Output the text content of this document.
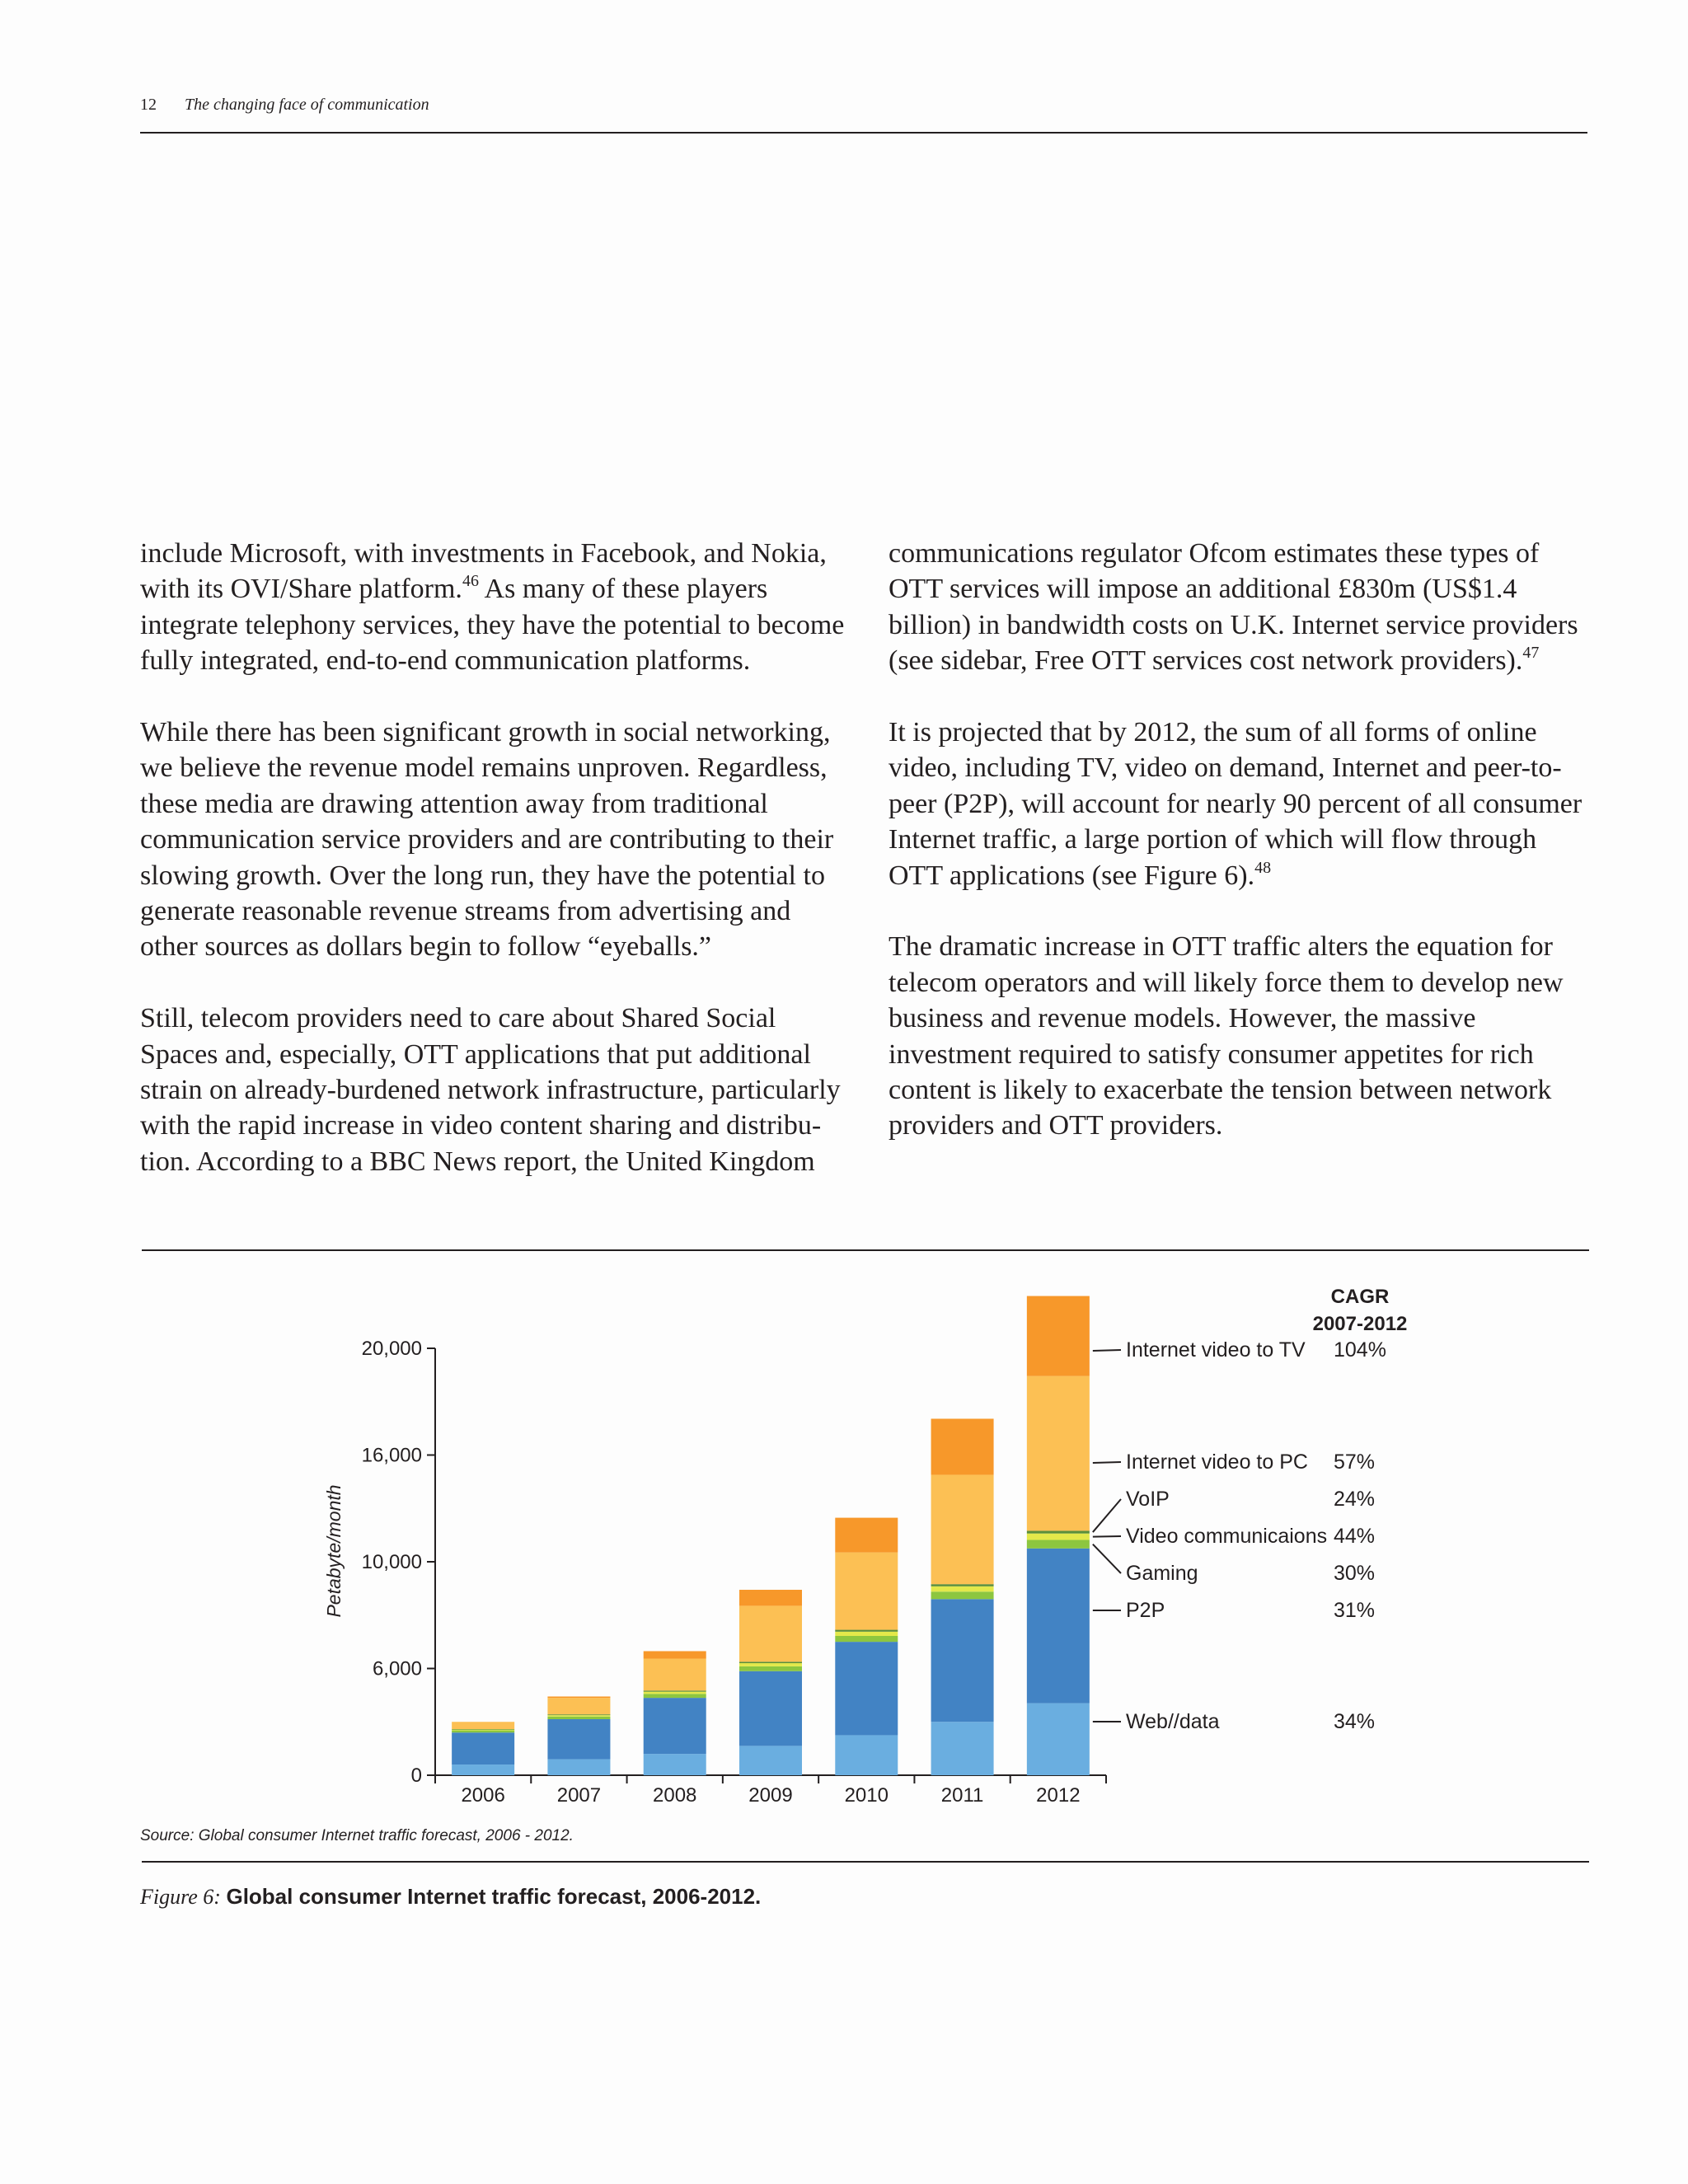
12 The changing face of communication

include Microsoft, with investments in Facebook, and Nokia, with its OVI/Share platform.$^{46}$ As many of these players integrate telephony services, they have the potential to become fully integrated, end-to-end communication platforms.

While there has been significant growth in social networking, we believe the revenue model remains unproven. Regardless, these media are drawing attention away from traditional communication service providers and are contributing to their slowing growth. Over the long run, they have the potential to generate reasonable revenue streams from advertising and other sources as dollars begin to follow “eyeballs.”

Still, telecom providers need to care about Shared Social Spaces and, especially, OTT applications that put additional strain on already-burdened network infrastructure, particularly with the rapid increase in video content sharing and distribution. According to a BBC News report, the United Kingdom

communications regulator Ofcom estimates these types of OTT services will impose an additional £830m (US$1.4 billion) in bandwidth costs on U.K. Internet service providers (see sidebar, Free OTT services cost network providers).$^{47}$

It is projected that by 2012, the sum of all forms of online video, including TV, video on demand, Internet and peer-to-peer (P2P), will account for nearly 90 percent of all consumer Internet traffic, a large portion of which will flow through OTT applications (see Figure 6).$^{48}$

The dramatic increase in OTT traffic alters the equation for telecom operators and will likely force them to develop new business and revenue models. However, the massive investment required to satisfy consumer appetites for rich content is likely to exacerbate the tension between network providers and OTT providers.

0
6,000
10,000
16,000
20,000
Petabyte/month
2006	2007	2008	2009	2010	2011	2012
CAGR
2007-2012
Internet video to TV 104%
Internet video to PC 57%
VoIP	24%
Video communicaions 44%
Gaming	30%
P2P	31%
Web//data	34%
Source: Global consumer Internet traffic forecast, 2006 - 2012.
Figure 6: Global consumer Internet traffic forecast, 2006-2012.
